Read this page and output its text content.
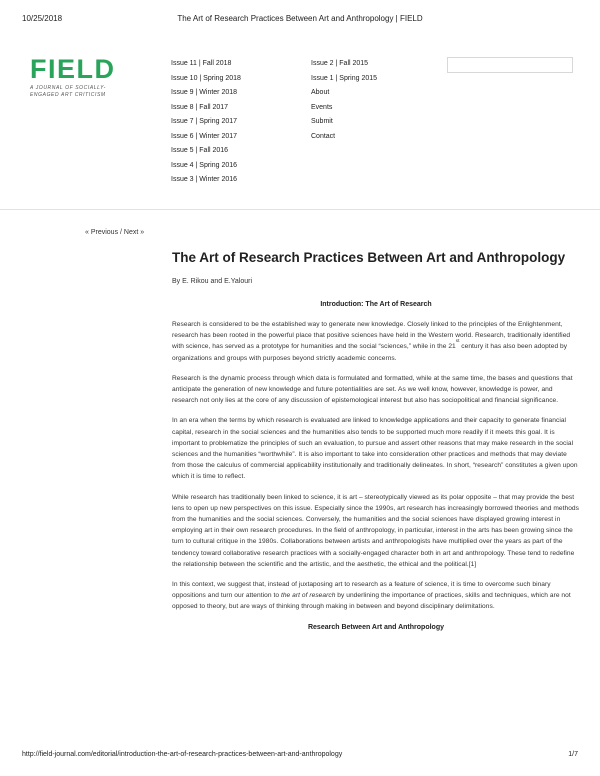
10/25/2018	The Art of Research Practices Between Art and Anthropology | FIELD
FIELD
A JOURNAL OF SOCIALLY-ENGAGED ART CRITICISM
Issue 11 | Fall 2018
Issue 10 | Spring 2018
Issue 9 | Winter 2018
Issue 8 | Fall 2017
Issue 7 | Spring 2017
Issue 6 | Winter 2017
Issue 5 | Fall 2016
Issue 4 | Spring 2016
Issue 3 | Winter 2016
Issue 2 | Fall 2015
Issue 1 | Spring 2015
About
Events
Submit
Contact
« Previous / Next »
The Art of Research Practices Between Art and Anthropology

By E. Rikou and E.Yalouri

Introduction: The Art of Research

Research is considered to be the established way to generate new knowledge. Closely linked to the principles of the Enlightenment, research has been rooted in the powerful place that positive sciences have held in the Western world. Research, traditionally identified with science, has served as a prototype for humanities and the social “sciences,” while in the 21st century it has also been adopted by organizations and groups with purposes beyond strictly academic concerns.

Research is the dynamic process through which data is formulated and formatted, while at the same time, the bases and questions that anticipate the generation of new knowledge and future potentialities are set. As we well know, however, knowledge is power, and research not only lies at the core of any discussion of epistemological interest but also has sociopolitical and financial significance.

In an era when the terms by which research is evaluated are linked to knowledge applications and their capacity to generate financial capital, research in the social sciences and the humanities also tends to be supported much more readily if it meets this goal. It is important to problematize the principles of such an evaluation, to pursue and assert other reasons that may make research in the social sciences and the humanities “worthwhile”. It is also important to take into consideration other practices and methods that may deviate from those the calculus of commercial applicability institutionally and traditionally delineates. In short, “research” constitutes a given upon which it is time to reflect.

While research has traditionally been linked to science, it is art – stereotypically viewed as its polar opposite – that may provide the best lens to open up new perspectives on this issue. Especially since the 1990s, art research has increasingly borrowed theories and methods from the humanities and the social sciences. Conversely, the humanities and the social sciences have displayed growing interest in employing art in their own research procedures. In the field of anthropology, in particular, interest in the arts has been growing since the turn to cultural critique in the 1980s. Collaborations between artists and anthropologists have multiplied over the years as part of the tendency toward collaborative research practices with a socially-engaged character both in art and anthropology. These tend to redefine the relationship between the scientific and the artistic, and the aesthetic, the ethical and the political.[1]

In this context, we suggest that, instead of juxtaposing art to research as a feature of science, it is time to overcome such binary oppositions and turn our attention to the art of research by underlining the importance of practices, skills and techniques, which are not opposed to theory, but are ways of thinking through making in between and beyond disciplinary delimitations.

Research Between Art and Anthropology
http://field-journal.com/editorial/introduction-the-art-of-research-practices-between-art-and-anthropology	1/7
